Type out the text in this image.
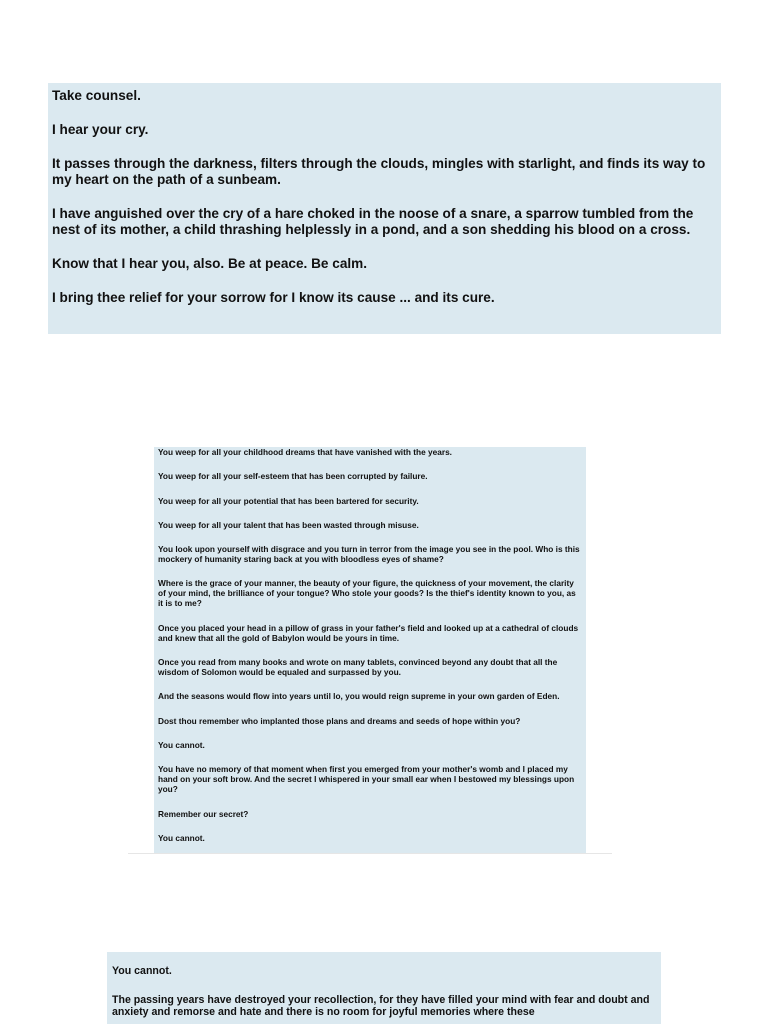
Take counsel.

I hear your cry.

It passes through the darkness, filters through the clouds, mingles with starlight, and finds its way to my heart on the path of a sunbeam.

I have anguished over the cry of a hare choked in the noose of a snare, a sparrow tumbled from the nest of its mother, a child thrashing helplessly in a pond, and a son shedding his blood on a cross.

Know that I hear you, also. Be at peace. Be calm.

I bring thee relief for your sorrow for I know its cause ... and its cure.

You weep for all your childhood dreams that have vanished with the years.

You weep for all your self-esteem that has been corrupted by failure.

You weep for all your potential that has been bartered for security.

You weep for all your talent that has been wasted through misuse.

You look upon yourself with disgrace and you turn in terror from the image you see in the pool. Who is this mockery of humanity staring back at you with bloodless eyes of shame?

Where is the grace of your manner, the beauty of your figure, the quickness of your movement, the clarity of your mind, the brilliance of your tongue? Who stole your goods? Is the thief's identity known to you, as it is to me?

Once you placed your head in a pillow of grass in your father's field and looked up at a cathedral of clouds and knew that all the gold of Babylon would be yours in time.

Once you read from many books and wrote on many tablets, convinced beyond any doubt that all the wisdom of Solomon would be equaled and surpassed by you.

And the seasons would flow into years until lo, you would reign supreme in your own garden of Eden.

Dost thou remember who implanted those plans and dreams and seeds of hope within you?

You cannot.

You have no memory of that moment when first you emerged from your mother's womb and I placed my hand on your soft brow. And the secret I whispered in your small ear when I bestowed my blessings upon you?

Remember our secret?

You cannot.

You cannot.

The passing years have destroyed your recollection, for they have filled your mind with fear and doubt and anxiety and remorse and hate and there is no room for joyful memories where these
